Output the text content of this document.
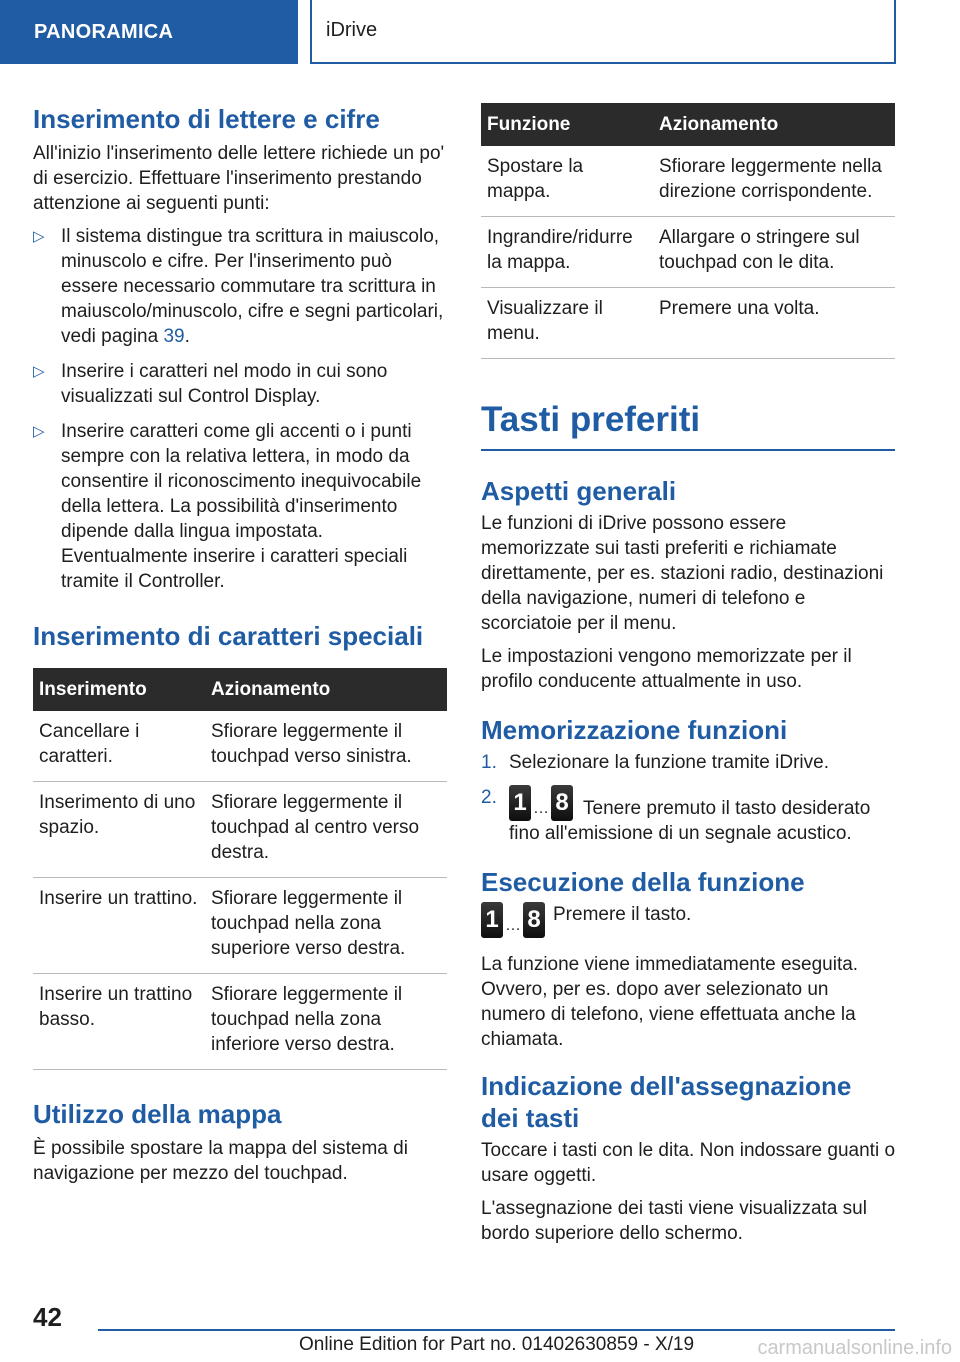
PANORAMICA	iDrive
Inserimento di lettere e cifre

All'inizio l'inserimento delle lettere richiede un po' di esercizio. Effettuare l'inserimento prestando attenzione ai seguenti punti:

▷ Il sistema distingue tra scrittura in maiuscolo, minuscolo e cifre. Per l'inserimento può essere necessario commutare tra scrittura in maiuscolo/minuscolo, cifre e segni particolari, vedi pagina 39.
▷ Inserire i caratteri nel modo in cui sono visualizzati sul Control Display.
▷ Inserire caratteri come gli accenti o i punti sempre con la relativa lettera, in modo da consentire il riconoscimento inequivocabile della lettera. La possibilità d'inserimento dipende dalla lingua impostata. Eventualmente inserire i caratteri speciali tramite il Controller.
Inserimento di caratteri speciali
Inserimento	Azionamento
Cancellare i caratteri.	Sfiorare leggermente il touchpad verso sinistra.
Inserimento di uno spazio.	Sfiorare leggermente il touchpad al centro verso destra.
Inserire un trattino.	Sfiorare leggermente il touchpad nella zona superiore verso destra.
Inserire un trattino basso.	Sfiorare leggermente il touchpad nella zona inferiore verso destra.
Utilizzo della mappa

È possibile spostare la mappa del sistema di navigazione per mezzo del touchpad.

Funzione	Azionamento
Spostare la mappa.	Sfiorare leggermente nella direzione corrispondente.
Ingrandire/ridurre la mappa.	Allargare o stringere sul touchpad con le dita.
Visualizzare il menu.	Premere una volta.
Tasti preferiti
Aspetti generali

Le funzioni di iDrive possono essere memorizzate sui tasti preferiti e richiamate direttamente, per es. stazioni radio, destinazioni della navigazione, numeri di telefono e scorciatoie per il menu.

Le impostazioni vengono memorizzate per il profilo conducente attualmente in uso.

Memorizzazione funzioni
1. Selezionare la funzione tramite iDrive.
2. 1 … 8 Tenere premuto il tasto desiderato fino all'emissione di un segnale acustico.
Esecuzione della funzione
1 … 8 Premere il tasto.

La funzione viene immediatamente eseguita. Ovvero, per es. dopo aver selezionato un numero di telefono, viene effettuata anche la chiamata.

Indicazione dell'assegnazione dei tasti

Toccare i tasti con le dita. Non indossare guanti o usare oggetti.

L'assegnazione dei tasti viene visualizzata sul bordo superiore dello schermo.

42
Online Edition for Part no. 01402630859 - X/19	carmanualsonline.info
